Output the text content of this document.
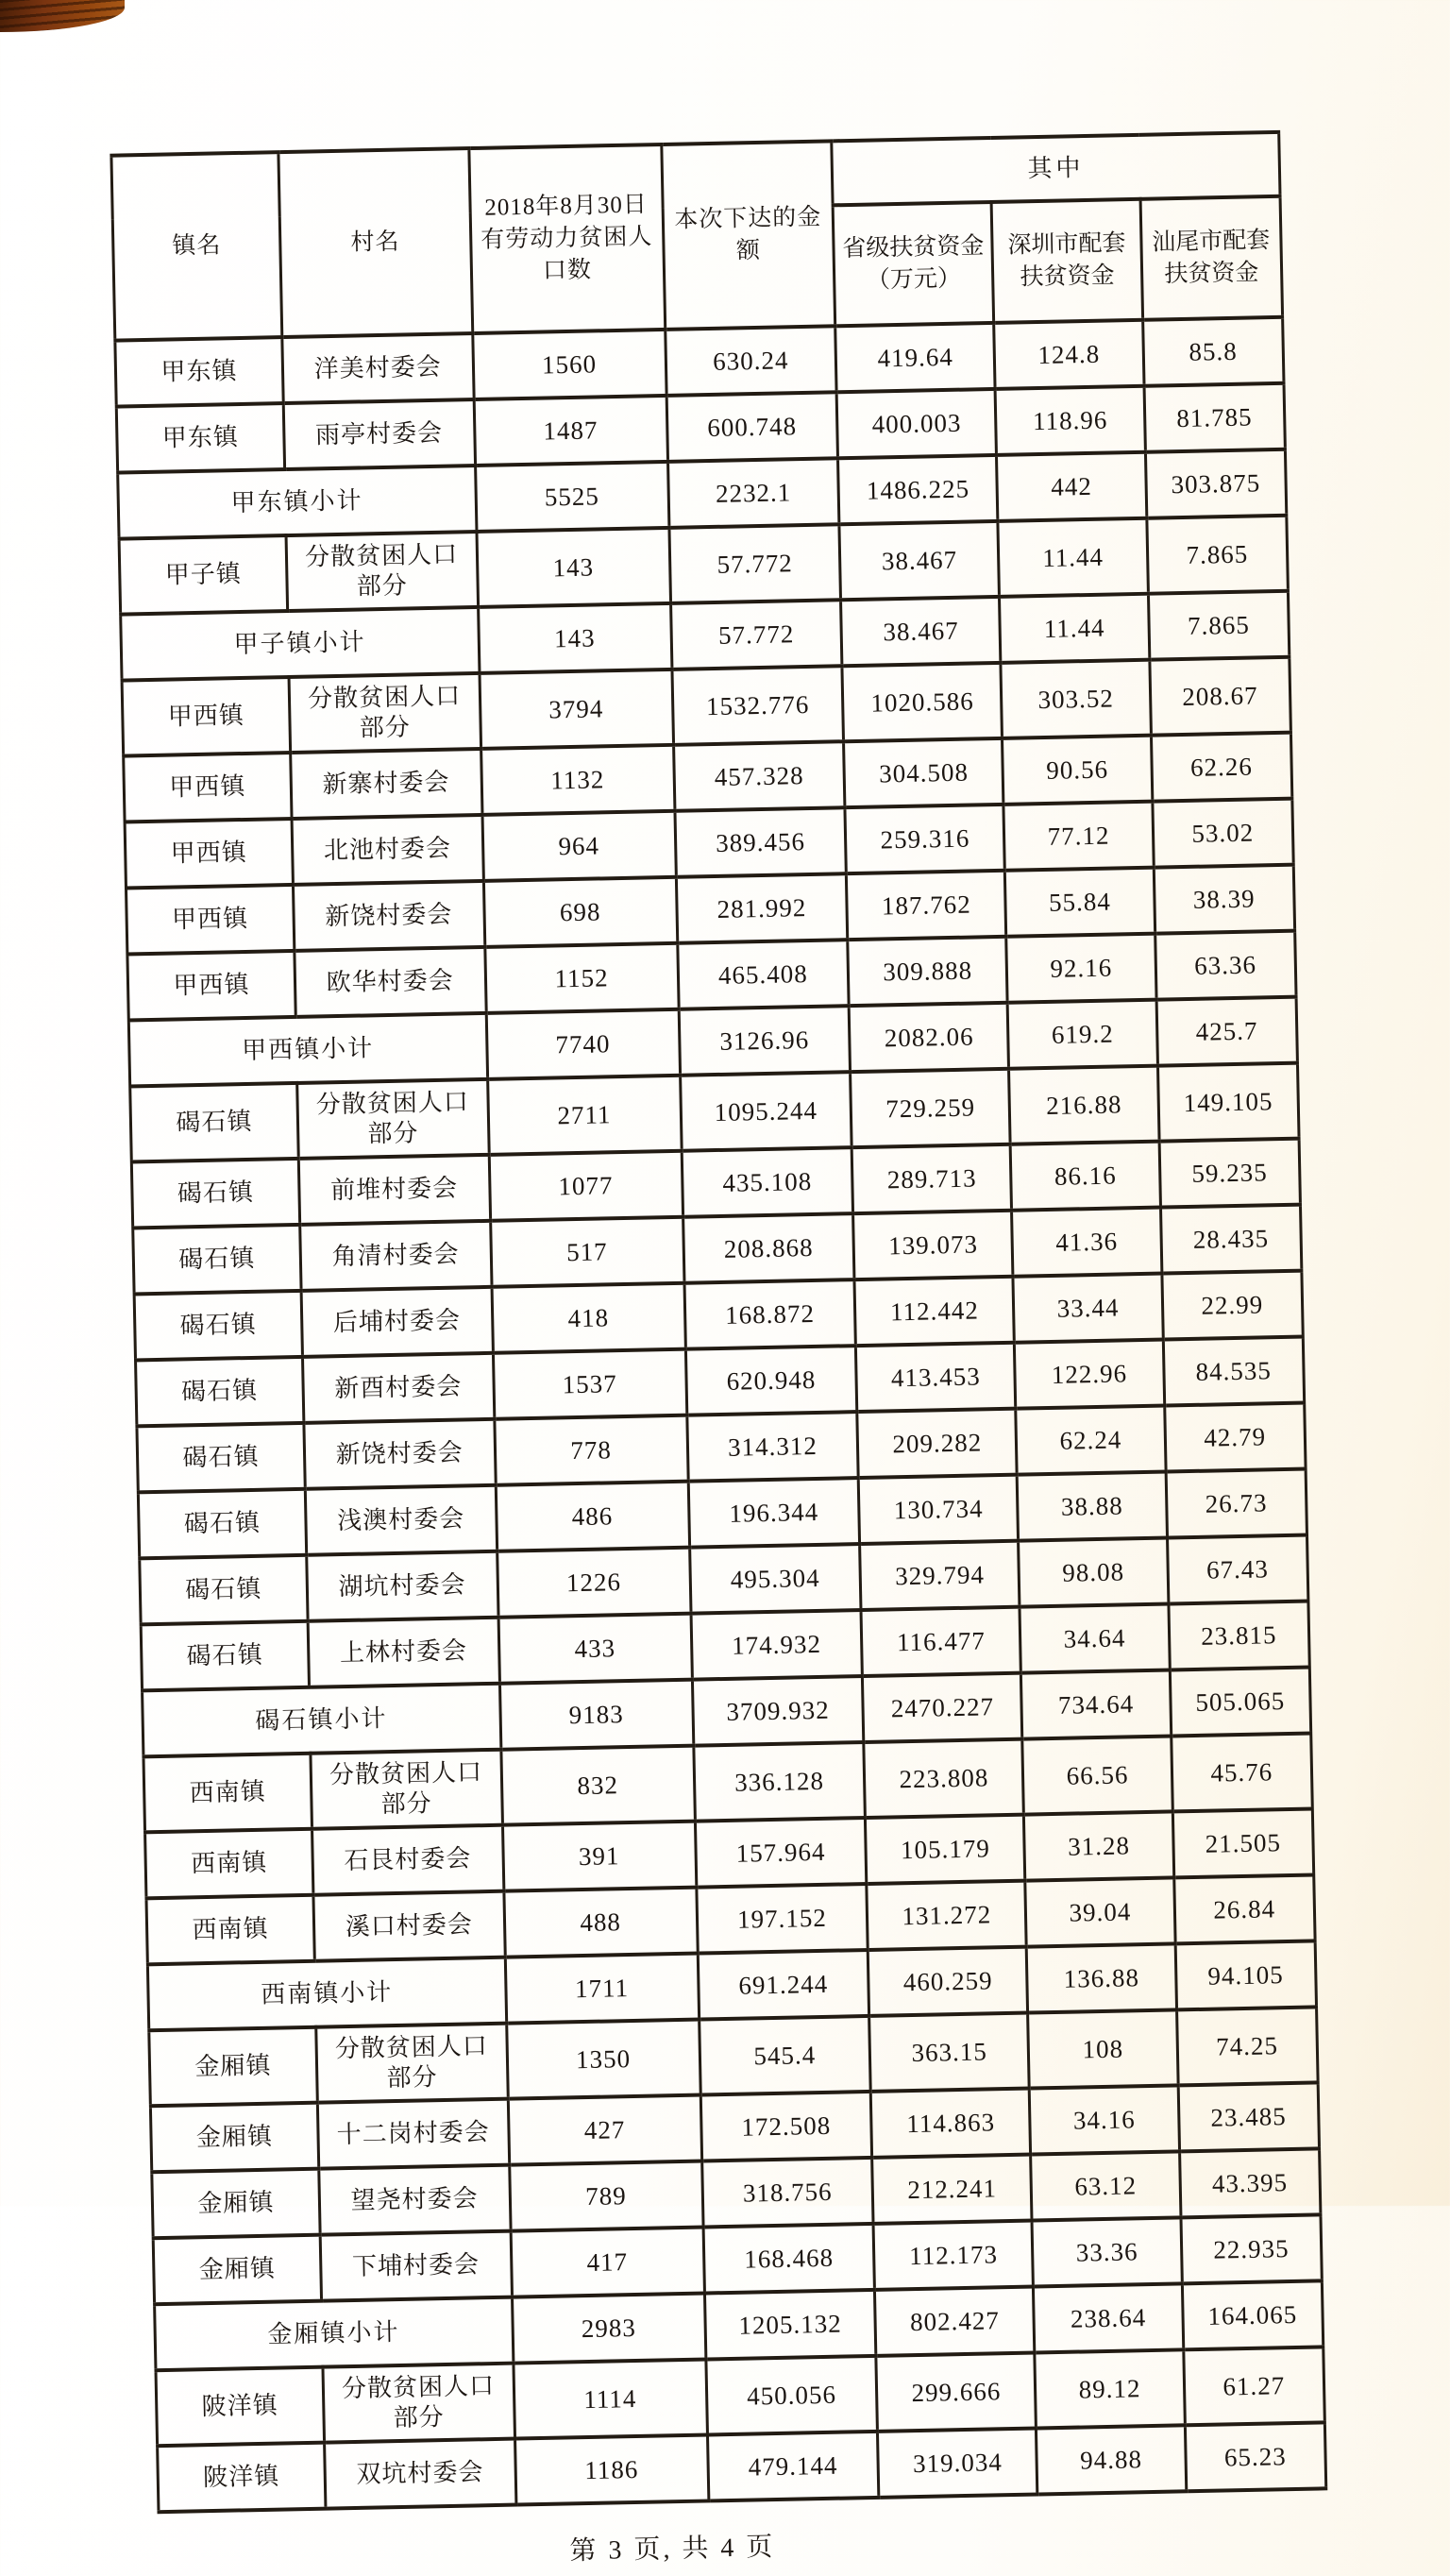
镇名	村名	2018年8月30日有劳动力贫困人口数	本次下达的金额	其中		
				省级扶贫资金（万元）	深圳市配套扶贫资金	汕尾市配套扶贫资金
甲东镇	洋美村委会	1560	630.24	419.64	124.8	85.8
甲东镇	雨亭村委会	1487	600.748	400.003	118.96	81.785
甲东镇小计		5525	2232.1	1486.225	442	303.875
甲子镇	分散贫困人口部分	143	57.772	38.467	11.44	7.865
甲子镇小计		143	57.772	38.467	11.44	7.865
甲西镇	分散贫困人口部分	3794	1532.776	1020.586	303.52	208.67
甲西镇	新寨村委会	1132	457.328	304.508	90.56	62.26
甲西镇	北池村委会	964	389.456	259.316	77.12	53.02
甲西镇	新饶村委会	698	281.992	187.762	55.84	38.39
甲西镇	欧华村委会	1152	465.408	309.888	92.16	63.36
甲西镇小计		7740	3126.96	2082.06	619.2	425.7
碣石镇	分散贫困人口部分	2711	1095.244	729.259	216.88	149.105
碣石镇	前堆村委会	1077	435.108	289.713	86.16	59.235
碣石镇	角清村委会	517	208.868	139.073	41.36	28.435
碣石镇	后埔村委会	418	168.872	112.442	33.44	22.99
碣石镇	新酉村委会	1537	620.948	413.453	122.96	84.535
碣石镇	新饶村委会	778	314.312	209.282	62.24	42.79
碣石镇	浅澳村委会	486	196.344	130.734	38.88	26.73
碣石镇	湖坑村委会	1226	495.304	329.794	98.08	67.43
碣石镇	上林村委会	433	174.932	116.477	34.64	23.815
碣石镇小计		9183	3709.932	2470.227	734.64	505.065
西南镇	分散贫困人口部分	832	336.128	223.808	66.56	45.76
西南镇	石艮村委会	391	157.964	105.179	31.28	21.505
西南镇	溪口村委会	488	197.152	131.272	39.04	26.84
西南镇小计		1711	691.244	460.259	136.88	94.105
金厢镇	分散贫困人口部分	1350	545.4	363.15	108	74.25
金厢镇	十二岗村委会	427	172.508	114.863	34.16	23.485
金厢镇	望尧村委会	789	318.756	212.241	63.12	43.395
金厢镇	下埔村委会	417	168.468	112.173	33.36	22.935
金厢镇小计		2983	1205.132	802.427	238.64	164.065
陂洋镇	分散贫困人口部分	1114	450.056	299.666	89.12	61.27
陂洋镇	双坑村委会	1186	479.144	319.034	94.88	65.23
第 3 页, 共 4 页
